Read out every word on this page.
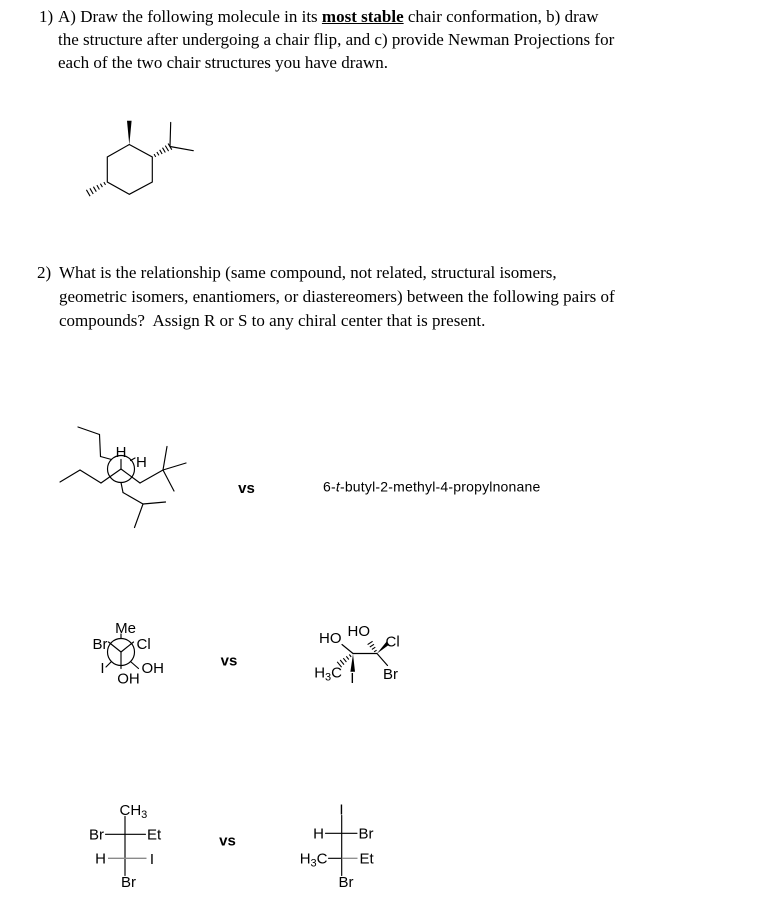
1) A) Draw the following molecule in its most stable chair conformation, b) draw
the structure after undergoing a chair flip, and c) provide Newman Projections for
each of the two chair structures you have drawn.
2) What is the relationship (same compound, not related, structural isomers,
geometric isomers, enantiomers, or diastereomers) between the following pairs of
compounds?  Assign R or S to any chiral center that is present.
H
H
vs	6-t-butyl-2-methyl-4-propylnonane
Me
Br Cl
I OH
OH
vs
HO HO
Cl
$H_3C$ I Br
vs
$CH_3$
Br	Et
H	I
Br
I
H Br
$H_3C$ Et
Br
